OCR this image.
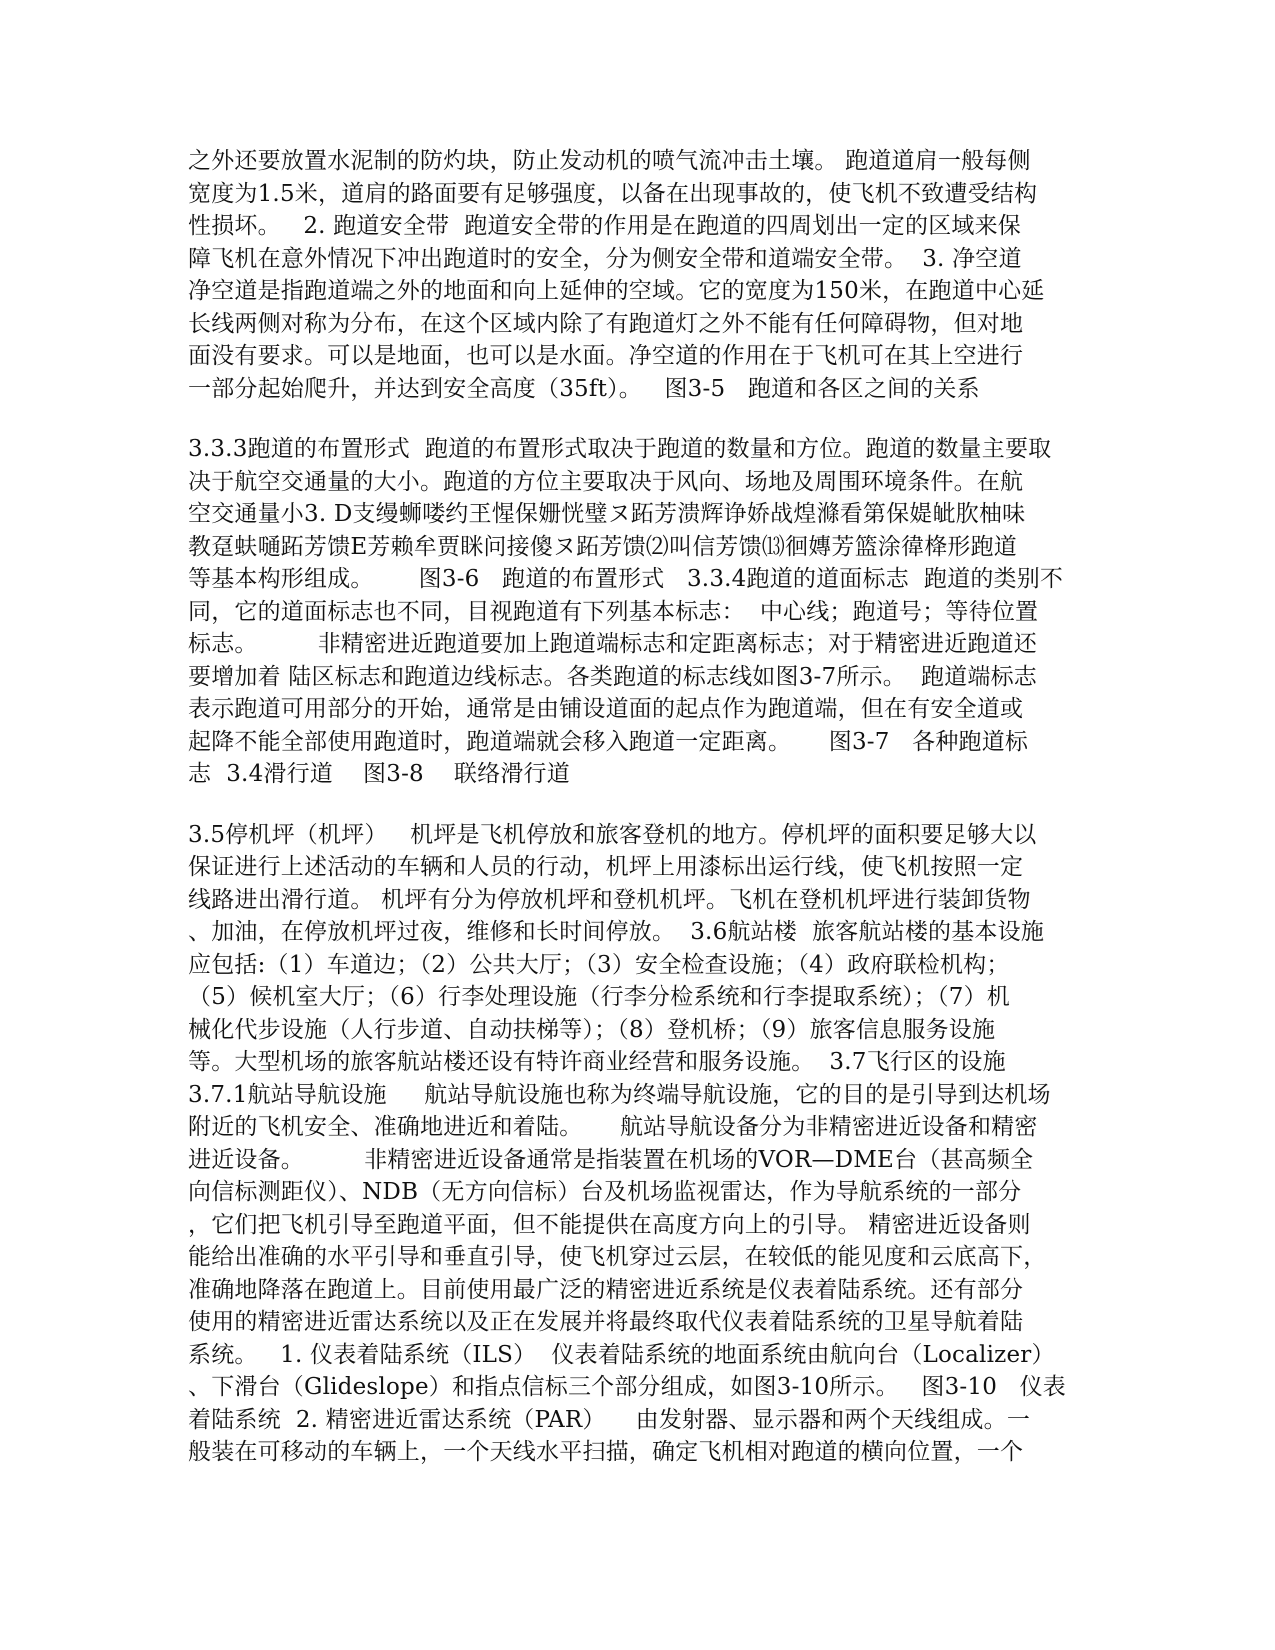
之外还要放置水泥制的防灼块，防止发动机的喷气流冲击土壤。 跑道道肩一般每侧
宽度为1.5米，道肩的路面要有足够强度，以备在出现事故的，使飞机不致遭受结构
性损坏。   2. 跑道安全带  跑道安全带的作用是在跑道的四周划出一定的区域来保
障飞机在意外情况下冲出跑道时的安全，分为侧安全带和道端安全带。  3. 净空道
净空道是指跑道端之外的地面和向上延伸的空域。它的宽度为150米，在跑道中心延
长线两侧对称为分布，在这个区域内除了有跑道灯之外不能有任何障碍物，但对地
面没有要求。可以是地面，也可以是水面。净空道的作用在于飞机可在其上空进行
一部分起始爬升，并达到安全高度（35ft）。   图3-5   跑道和各区之间的关系

3.3.3跑道的布置形式  跑道的布置形式取决于跑道的数量和方位。跑道的数量主要取
决于航空交通量的大小。跑道的方位主要取决于风向、场地及周围环境条件。在航
空交通量小3. D支缦蛳喽约玊惺保姗恍璧ヌ跖芳溃辉诤娇战煌滌看第保媞皉肷柚味
教趸蚨嗵跖芳馈E芳赖牟贾眯问接傻ヌ跖芳馈⑵叫信芳馈⒀徊嫥芳篮涂徫栙形跑道
等基本构形组成。      图3-6   跑道的布置形式   3.3.4跑道的道面标志  跑道的类别不
同，它的道面标志也不同，目视跑道有下列基本标志：  中心线；跑道号；等待位置
标志。        非精密进近跑道要加上跑道端标志和定距离标志；对于精密进近跑道还
要增加着 陆区标志和跑道边线标志。各类跑道的标志线如图3-7所示。  跑道端标志
表示跑道可用部分的开始，通常是由铺设道面的起点作为跑道端，但在有安全道或
起降不能全部使用跑道时，跑道端就会移入跑道一定距离。     图3-7   各种跑道标
志  3.4滑行道    图3-8    联络滑行道

3.5停机坪（机坪）   机坪是飞机停放和旅客登机的地方。停机坪的面积要足够大以
保证进行上述活动的车辆和人员的行动，机坪上用漆标出运行线，使飞机按照一定
线路进出滑行道。 机坪有分为停放机坪和登机机坪。飞机在登机机坪进行装卸货物
、加油，在停放机坪过夜，维修和长时间停放。  3.6航站楼  旅客航站楼的基本设施
应包括:（1）车道边；（2）公共大厅；（3）安全检查设施；（4）政府联检机构；
（5）候机室大厅；（6）行李处理设施（行李分检系统和行李提取系统）；（7）机
械化代步设施（人行步道、自动扶梯等）；（8）登机桥；（9）旅客信息服务设施
等。大型机场的旅客航站楼还设有特许商业经营和服务设施。  3.7飞行区的设施
3.7.1航站导航设施     航站导航设施也称为终端导航设施，它的目的是引导到达机场
附近的飞机安全、准确地进近和着陆。     航站导航设备分为非精密进近设备和精密
进近设备。        非精密进近设备通常是指装置在机场的VOR—DME台（甚高频全
向信标测距仪）、NDB（无方向信标）台及机场监视雷达，作为导航系统的一部分
，它们把飞机引导至跑道平面，但不能提供在高度方向上的引导。 精密进近设备则
能给出准确的水平引导和垂直引导，使飞机穿过云层，在较低的能见度和云底高下，
准确地降落在跑道上。目前使用最广泛的精密进近系统是仪表着陆系统。还有部分
使用的精密进近雷达系统以及正在发展并将最终取代仪表着陆系统的卫星导航着陆
系统。   1. 仪表着陆系统（ILS）  仪表着陆系统的地面系统由航向台（Localizer）
、下滑台（Glideslope）和指点信标三个部分组成，如图3-10所示。   图3-10   仪表
着陆系统  2. 精密进近雷达系统（PAR）    由发射器、显示器和两个天线组成。一
般装在可移动的车辆上，一个天线水平扫描，确定飞机相对跑道的横向位置，一个
